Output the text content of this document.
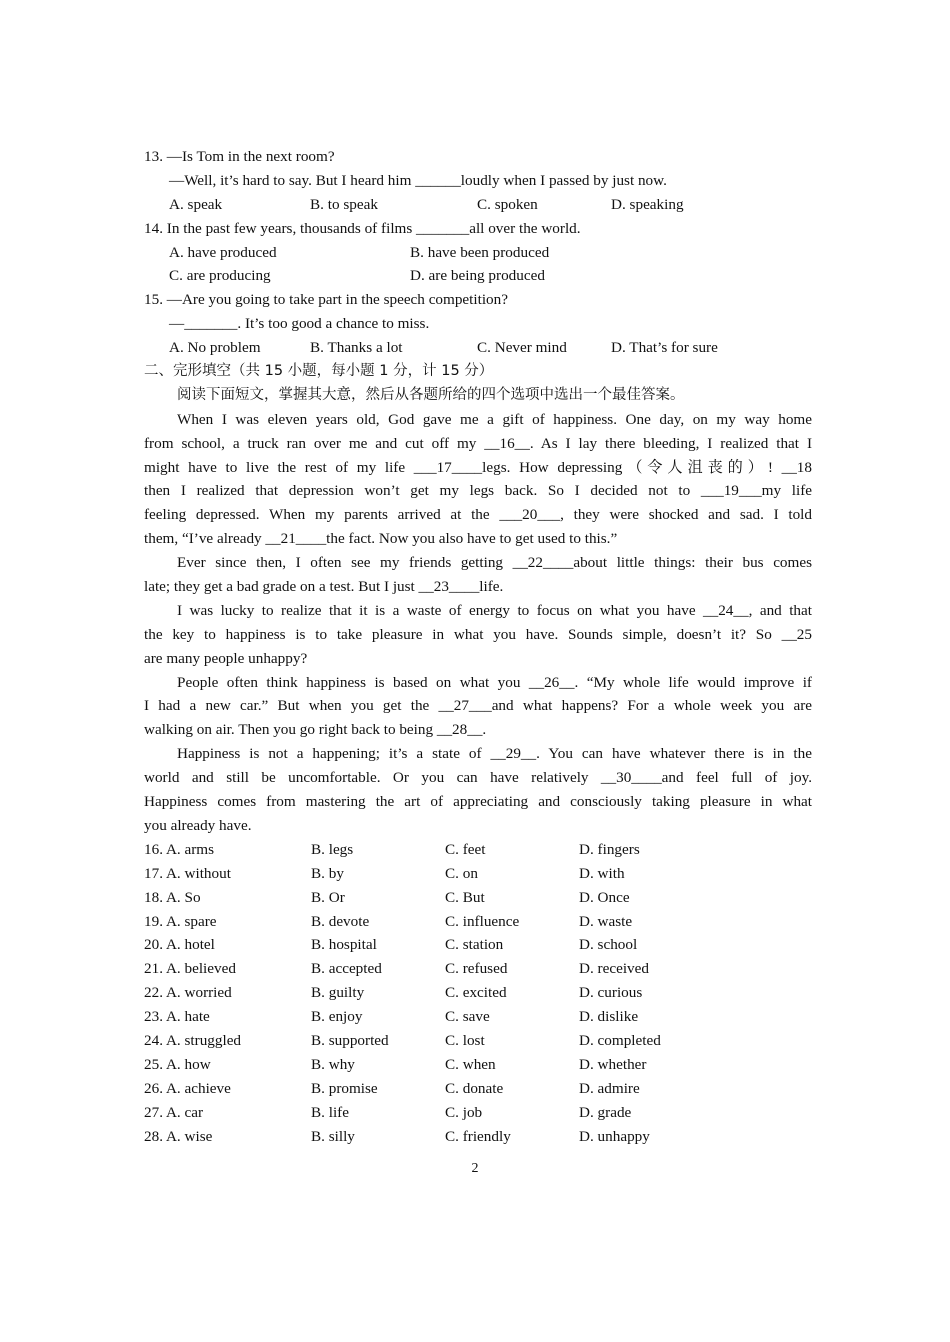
13. —Is Tom in the next room?
—Well, it’s hard to say. But I heard him ______loudly when I passed by just now.
A. speak	B. to speak	C. spoken	D. speaking
14. In the past few years, thousands of films _______all over the world.
A. have produced	B. have been produced
C. are producing	D. are being produced
15. —Are you going to take part in the speech competition?
—_______. It’s too good a chance to miss.
A. No problem	B. Thanks a lot	C. Never mind	D. That’s for sure
二、完形填空（共 15 小题，每小题 1 分，计 15 分）
阅读下面短文，掌握其大意，然后从各题所给的四个选项中选出一个最佳答案。
When I was eleven years old, God gave me a gift of happiness. One day, on my way home
from school, a truck ran over me and cut off my __16__. As I lay there bleeding, I realized that I
might have to live the rest of my life ___17____legs. How depressing（令人沮丧的）! __18
then I realized that depression won’t get my legs back. So I decided not to ___19___my life
feeling depressed. When my parents arrived at the ___20___, they were shocked and sad. I told
them, “I’ve already __21____the fact. Now you also have to get used to this.”
Ever since then, I often see my friends getting __22____about little things: their bus comes
late; they get a bad grade on a test. But I just __23____life.
I was lucky to realize that it is a waste of energy to focus on what you have __24__, and that
the key to happiness is to take pleasure in what you have. Sounds simple, doesn’t it? So __25
are many people unhappy?
People often think happiness is based on what you __26__. “My whole life would improve if
I had a new car.” But when you get the __27___and what happens? For a whole week you are
walking on air. Then you go right back to being __28__.
Happiness is not a happening; it’s a state of __29__. You can have whatever there is in the
world and still be uncomfortable. Or you can have relatively __30____and feel full of joy.
Happiness comes from mastering the art of appreciating and consciously taking pleasure in what
you already have.
16. A. arms	B. legs	C. feet	D. fingers
17. A. without	B. by	C. on	D. with
18. A. So	B. Or	C. But	D. Once
19. A. spare	B. devote	C. influence	D. waste
20. A. hotel	B. hospital	C. station	D. school
21. A. believed	B. accepted	C. refused	D. received
22. A. worried	B. guilty	C. excited	D. curious
23. A. hate	B. enjoy	C. save	D. dislike
24. A. struggled	B. supported	C. lost	D. completed
25. A. how	B. why	C. when	D. whether
26. A. achieve	B. promise	C. donate	D. admire
27. A. car	B. life	C. job	D. grade
28. A. wise	B. silly	C. friendly	D. unhappy
2
